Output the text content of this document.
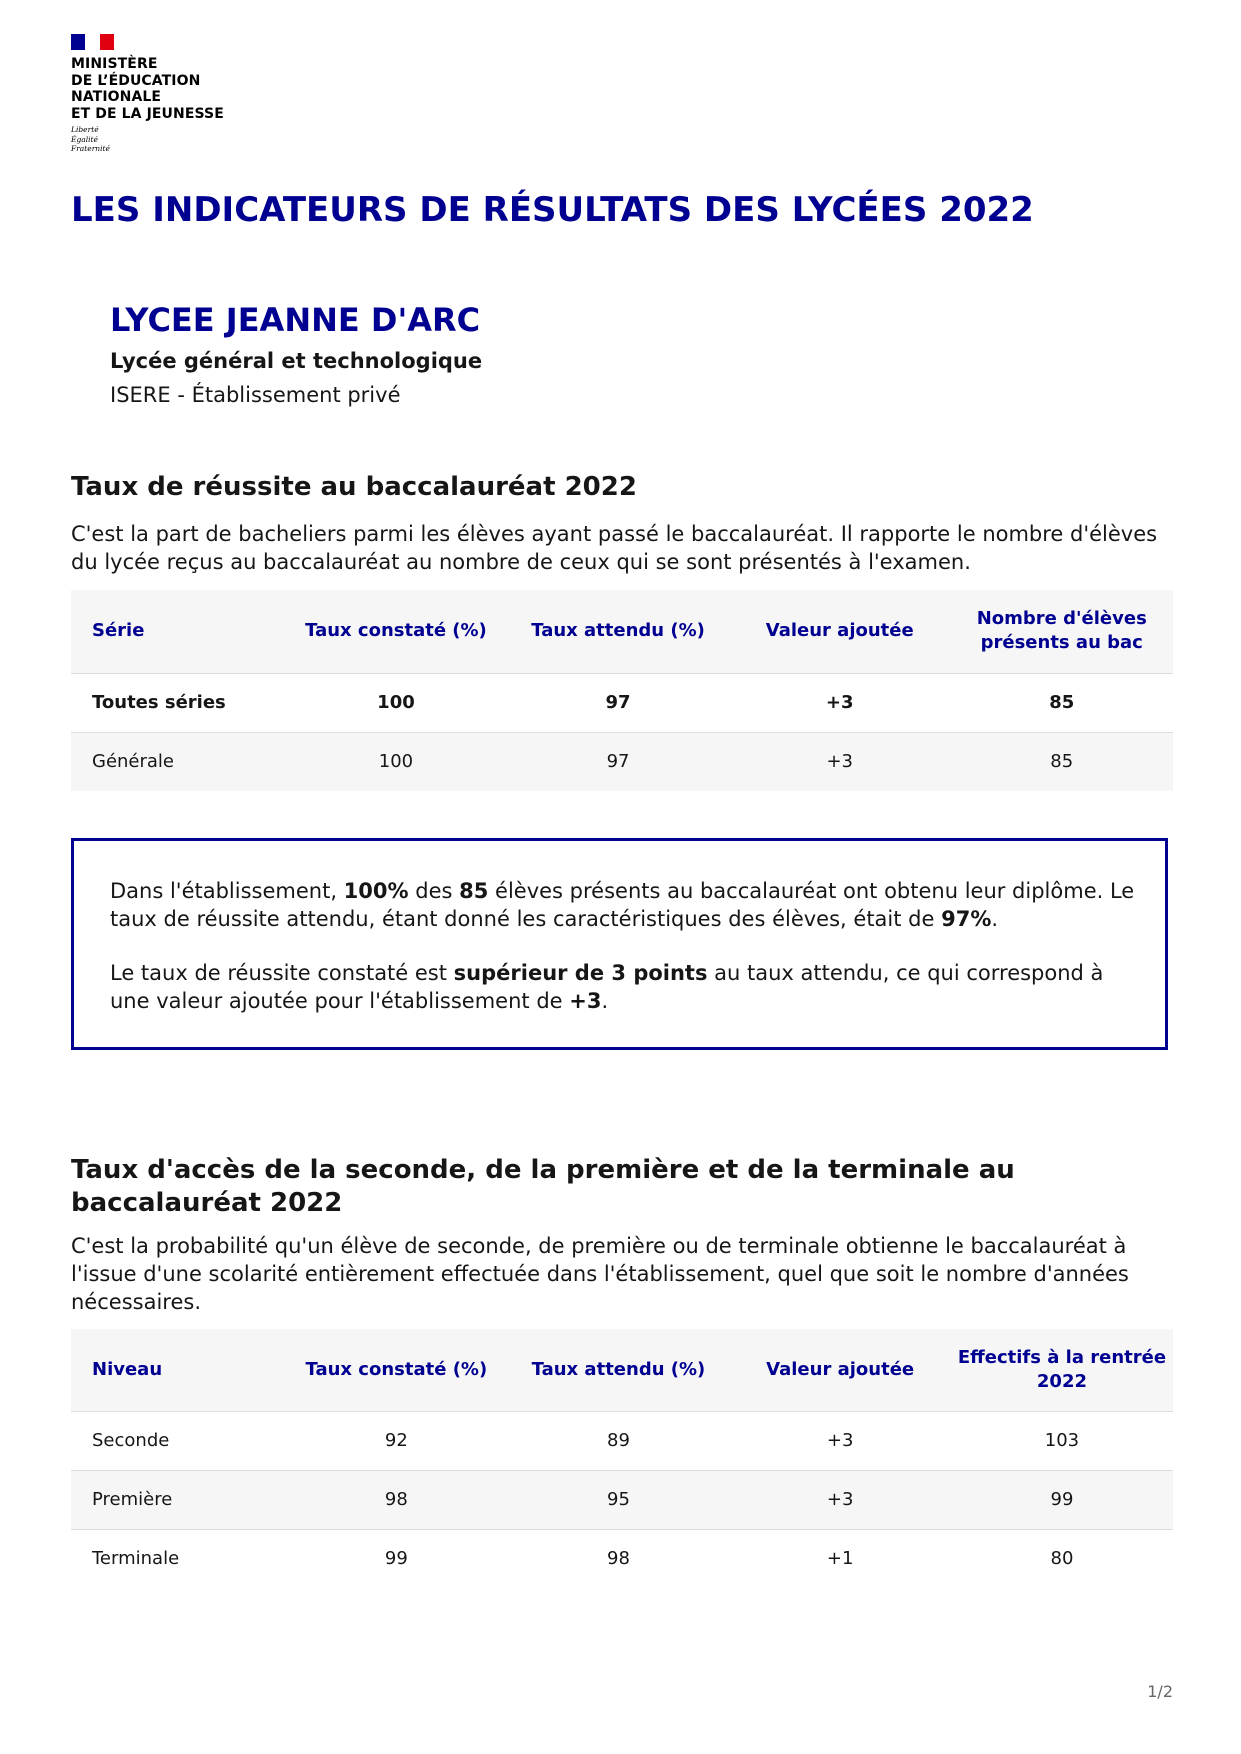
MINISTÈRE
DE L’ÉDUCATION
NATIONALE
ET DE LA JEUNESSE
Liberté
Égalité
Fraternité
LES INDICATEURS DE RÉSULTATS DES LYCÉES 2022
LYCEE JEANNE D'ARC
Lycée général et technologique
ISERE - Établissement privé
Taux de réussite au baccalauréat 2022
C'est la part de bacheliers parmi les élèves ayant passé le baccalauréat. Il rapporte le nombre d'élèves du lycée reçus au baccalauréat au nombre de ceux qui se sont présentés à l'examen.
Série	Taux constaté (%)	Taux attendu (%)	Valeur ajoutée	Nombre d'élèves présents au bac
Toutes séries	100	97	+3	85
Générale	100	97	+3	85

Dans l'établissement, 100% des 85 élèves présents au baccalauréat ont obtenu leur diplôme. Le taux de réussite attendu, étant donné les caractéristiques des élèves, était de 97%.

Le taux de réussite constaté est supérieur de 3 points au taux attendu, ce qui correspond à une valeur ajoutée pour l'établissement de +3.

Taux d'accès de la seconde, de la première et de la terminale au baccalauréat 2022
C'est la probabilité qu'un élève de seconde, de première ou de terminale obtienne le baccalauréat à l'issue d'une scolarité entièrement effectuée dans l'établissement, quel que soit le nombre d'années nécessaires.
Niveau	Taux constaté (%)	Taux attendu (%)	Valeur ajoutée	Effectifs à la rentrée 2022
Seconde	92	89	+3	103
Première	98	95	+3	99
Terminale	99	98	+1	80
1/2
